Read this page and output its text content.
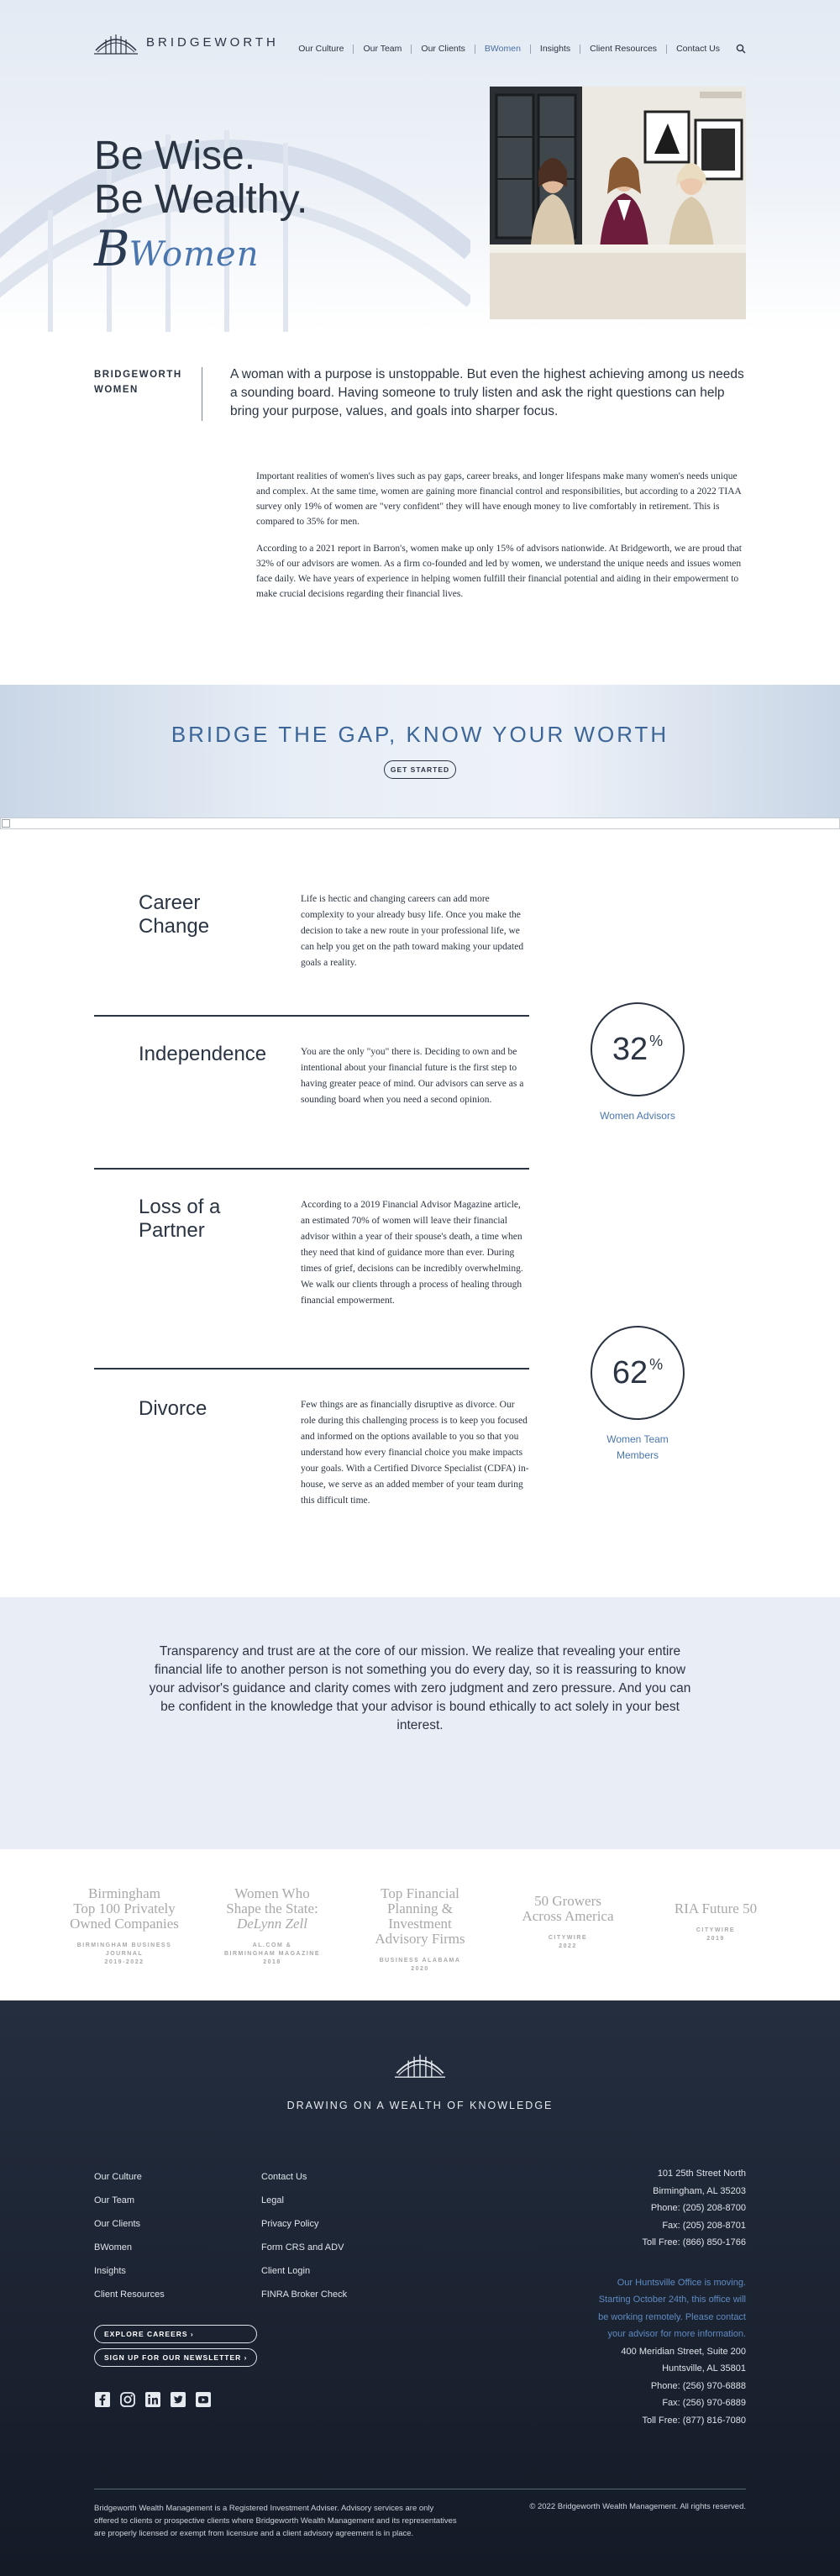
BRIDGEWORTH	Our Culture	Our Team	Our Clients	BWomen	Insights	Client Resources	Contact Us
Be Wise.
Be Wealthy.
BWomen
BRIDGEWORTH
WOMEN

A woman with a purpose is unstoppable. But even the highest achieving among us needs a sounding board. Having someone to truly listen and ask the right questions can help bring your purpose, values, and goals into sharper focus.

Important realities of women's lives such as pay gaps, career breaks, and longer lifespans make many women's needs unique and complex. At the same time, women are gaining more financial control and responsibilities, but according to a 2022 TIAA survey only 19% of women are "very confident" they will have enough money to live comfortably in retirement. This is compared to 35% for men.

According to a 2021 report in Barron's, women make up only 15% of advisors nationwide. At Bridgeworth, we are proud that 32% of our advisors are women. As a firm co-founded and led by women, we understand the unique needs and issues women face daily. We have years of experience in helping women fulfill their financial potential and aiding in their empowerment to make crucial decisions regarding their financial lives.

BRIDGE THE GAP, KNOW YOUR WORTH
GET STARTED
Career
Change

Life is hectic and changing careers can add more complexity to your already busy life. Once you make the decision to take a new route in your professional life, we can help you get on the path toward making your updated goals a reality.

Independence	You are the only "you" there is. Deciding to own and be intentional about your financial future is the first step to having greater peace of mind. Our advisors can serve as a sounding board when you need a second opinion.

Loss of a
Partner

According to a 2019 Financial Advisor Magazine article, an estimated 70% of women will leave their financial advisor within a year of their spouse's death, a time when they need that kind of guidance more than ever. During times of grief, decisions can be incredibly overwhelming. We walk our clients through a process of healing through financial empowerment.

Divorce	Few things are as financially disruptive as divorce. Our role during this challenging process is to keep you focused and informed on the options available to you so that you understand how every financial choice you make impacts your goals. With a Certified Divorce Specialist (CDFA) in-house, we serve as an added member of your team during this difficult time.

32 %
Women Advisors
62 %
Women Team
Members

Transparency and trust are at the core of our mission. We realize that revealing your entire financial life to another person is not something you do every day, so it is reassuring to know your advisor's guidance and clarity comes with zero judgment and zero pressure. And you can be confident in the knowledge that your advisor is bound ethically to act solely in your best interest.

Birmingham
Top 100 Privately
Owned Companies
BIRMINGHAM BUSINESS JOURNAL
2019-2022
Women Who
Shape the State:
DeLynn Zell
AL.COM &
BIRMINGHAM MAGAZINE
2018
Top Financial
Planning & Investment
Advisory Firms
BUSINESS ALABAMA
2020
50 Growers
Across America
CITYWIRE
2022
RIA Future 50
CITYWIRE
2019
DRAWING ON A WEALTH OF KNOWLEDGE
Our Culture
Our Team
Our Clients
BWomen
Insights
Client Resources
Contact Us
Legal
Privacy Policy
Form CRS and ADV
Client Login
FINRA Broker Check
EXPLORE CAREERS ›
SIGN UP FOR OUR NEWSLETTER ›
101 25th Street North
Birmingham, AL 35203
Phone: (205) 208-8700
Fax: (205) 208-8701
Toll Free: (866) 850-1766
Our Huntsville Office is moving.
Starting October 24th, this office will
be working remotely. Please contact
your advisor for more information.
400 Meridian Street, Suite 200
Huntsville, AL 35801
Phone: (256) 970-6888
Fax: (256) 970-6889
Toll Free: (877) 816-7080

Bridgeworth Wealth Management is a Registered Investment Adviser. Advisory services are only offered to clients or prospective clients where Bridgeworth Wealth Management and its representatives are properly licensed or exempt from licensure and a client advisory agreement is in place.

© 2022 Bridgeworth Wealth Management. All rights reserved.
